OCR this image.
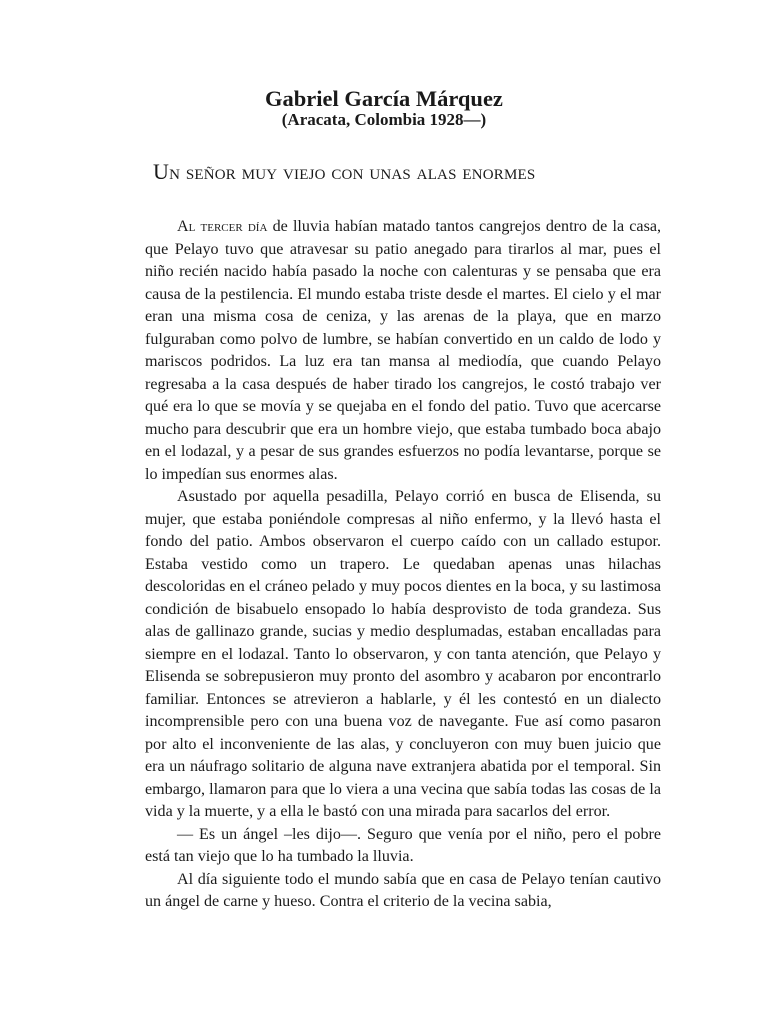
Gabriel García Márquez
(Aracata, Colombia 1928—)
Un señor muy viejo con unas alas enormes

Al tercer día de lluvia habían matado tantos cangrejos dentro de la casa, que Pelayo tuvo que atravesar su patio anegado para tirarlos al mar, pues el niño recién nacido había pasado la noche con calenturas y se pensaba que era causa de la pestilencia. El mundo estaba triste desde el martes. El cielo y el mar eran una misma cosa de ceniza, y las arenas de la playa, que en marzo fulguraban como polvo de lumbre, se habían convertido en un caldo de lodo y mariscos podridos. La luz era tan mansa al mediodía, que cuando Pelayo regresaba a la casa después de haber tirado los cangrejos, le costó trabajo ver qué era lo que se movía y se quejaba en el fondo del patio. Tuvo que acercarse mucho para descubrir que era un hombre viejo, que estaba tumbado boca abajo en el lodazal, y a pesar de sus grandes esfuerzos no podía levantarse, porque se lo impedían sus enormes alas.

Asustado por aquella pesadilla, Pelayo corrió en busca de Elisenda, su mujer, que estaba poniéndole compresas al niño enfermo, y la llevó hasta el fondo del patio. Ambos observaron el cuerpo caído con un callado estupor. Estaba vestido como un trapero. Le quedaban apenas unas hilachas descoloridas en el cráneo pelado y muy pocos dientes en la boca, y su lastimosa condición de bisabuelo ensopado lo había desprovisto de toda grandeza. Sus alas de gallinazo grande, sucias y medio desplumadas, estaban encalladas para siempre en el lodazal. Tanto lo observaron, y con tanta atención, que Pelayo y Elisenda se sobrepusieron muy pronto del asombro y acabaron por encontrarlo familiar. Entonces se atrevieron a hablarle, y él les contestó en un dialecto incomprensible pero con una buena voz de navegante. Fue así como pasaron por alto el inconveniente de las alas, y concluyeron con muy buen juicio que era un náufrago solitario de alguna nave extranjera abatida por el temporal. Sin embargo, llamaron para que lo viera a una vecina que sabía todas las cosas de la vida y la muerte, y a ella le bastó con una mirada para sacarlos del error.

— Es un ángel –les dijo—. Seguro que venía por el niño, pero el pobre está tan viejo que lo ha tumbado la lluvia.

Al día siguiente todo el mundo sabía que en casa de Pelayo tenían cautivo un ángel de carne y hueso. Contra el criterio de la vecina sabia,
